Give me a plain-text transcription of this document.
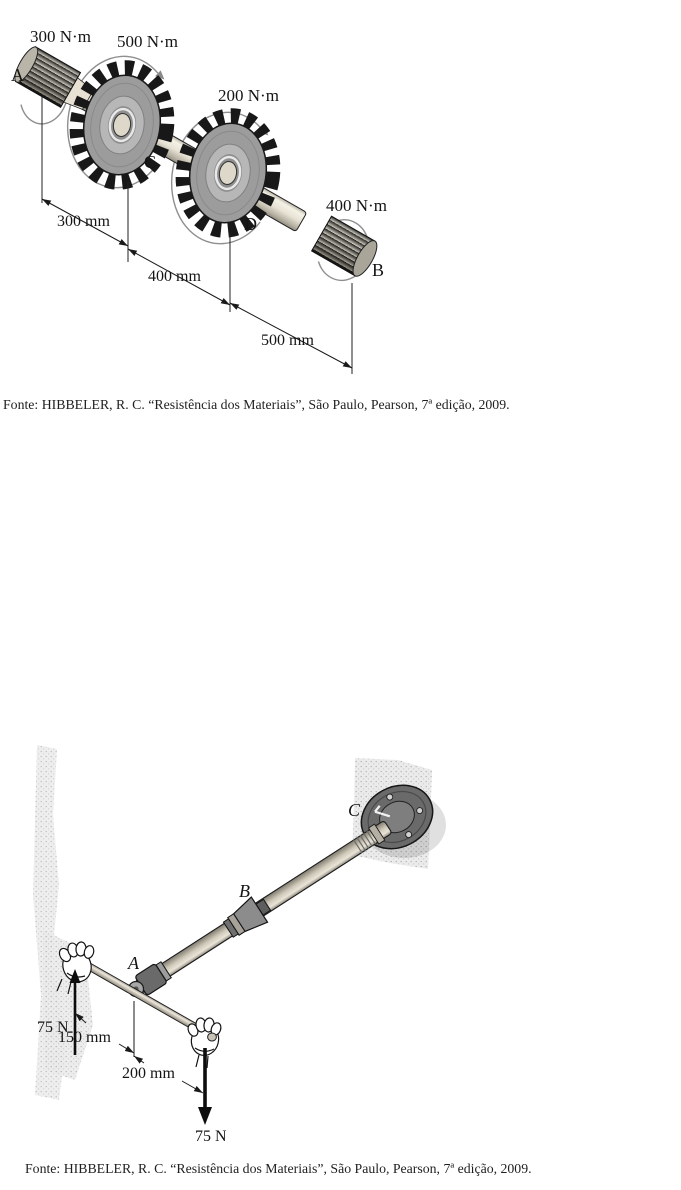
300 N·m 500 N·m
200 N·m
400 N·m
A
C
D
B
300 mm
400 mm
500 mm
Fonte: HIBBELER, R. C. “Resistência dos Materiais”, São Paulo, Pearson, 7ª edição, 2009.
A
B
C
75 N
150 mm
200 mm
75 N
Fonte: HIBBELER, R. C. “Resistência dos Materiais”, São Paulo, Pearson, 7ª edição, 2009.
